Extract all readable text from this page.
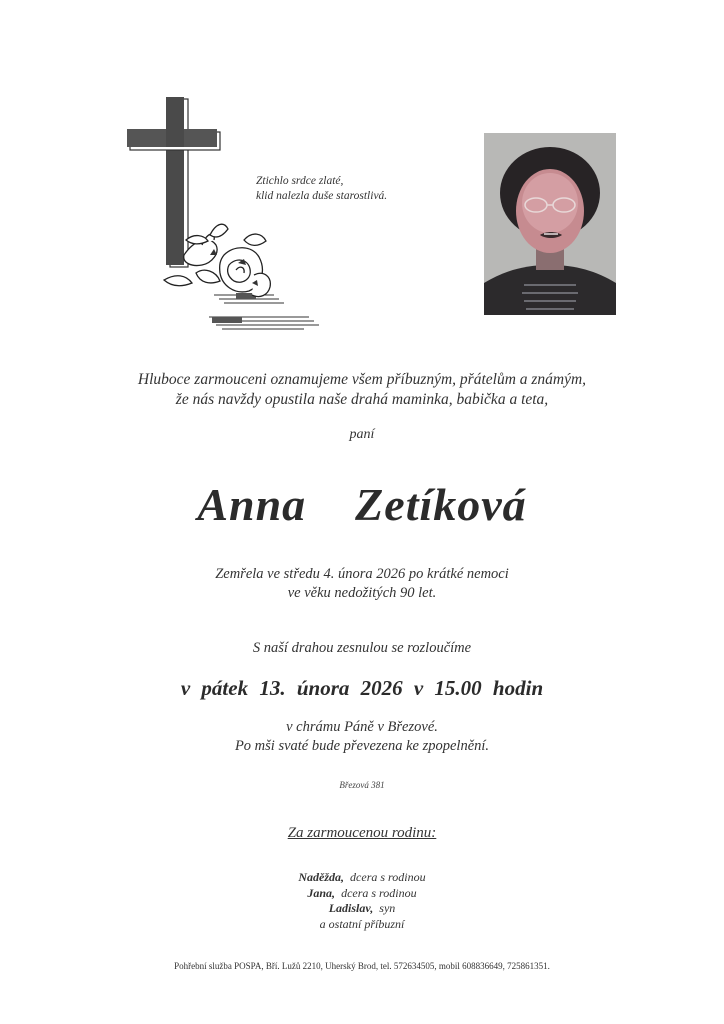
Ztichlo srdce zlaté,
klid nalezla duše starostlivá.
Hluboce zarmouceni oznamujeme všem příbuzným, přátelům a známým,
že nás navždy opustila naše drahá maminka, babička a teta,
paní
Anna  Zetíková
Zemřela ve středu 4. února 2026 po krátké nemoci
ve věku nedožitých 90 let.
S naší drahou zesnulou se rozloučíme
v pátek 13. února 2026 v 15.00 hodin
v chrámu Páně v Březové.
Po mši svaté bude převezena ke zpopelnění.
Březová 381
Za zarmoucenou rodinu:
Naděžda, dcera s rodinou
Jana, dcera s rodinou
Ladislav, syn
a ostatní příbuzní
Pohřební služba POSPA, Bří. Lužů 2210, Uherský Brod, tel. 572634505, mobil 608836649, 725861351.
